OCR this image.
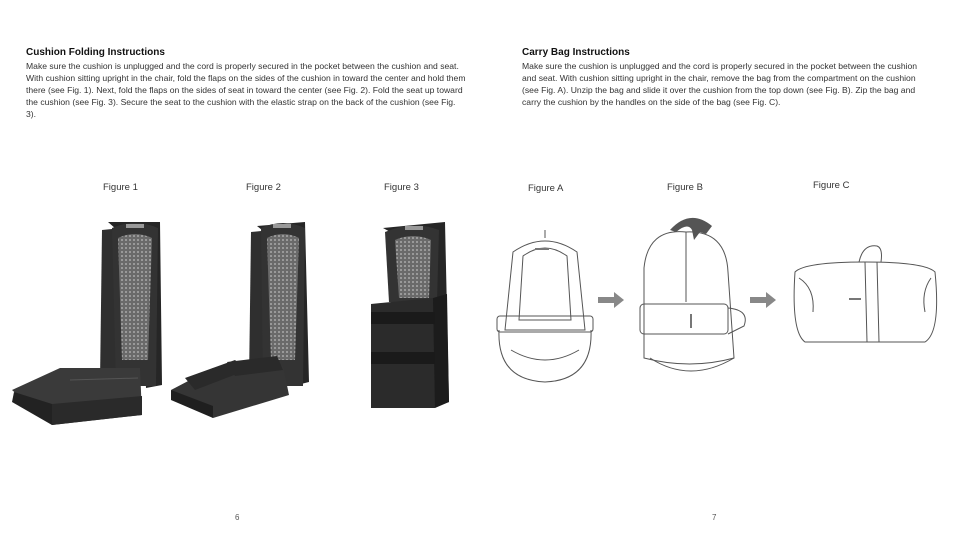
Cushion Folding Instructions

Make sure the cushion is unplugged and the cord is properly secured in the pocket between the cushion and seat. With cushion sitting upright in the chair, fold the flaps on the sides of the cushion in toward the center and hold them there (see Fig. 1). Next, fold the flaps on the sides of seat in toward the center (see Fig. 2). Fold the seat up toward the cushion (see Fig. 3). Secure the seat to the cushion with the elastic strap on the back of the cushion (see Fig. 3).

Carry Bag Instructions

Make sure the cushion is unplugged and the cord is properly secured in the pocket between the cushion and seat. With cushion sitting upright in the chair, remove the bag from the compartment on the cushion (see Fig. A). Unzip the bag and slide it over the cushion from the top down (see Fig. B). Zip the bag and carry the cushion by the handles on the side of the bag (see Fig. C).

Figure 1	Figure 2	Figure 3	Figure A	Figure B	Figure C
6	7
